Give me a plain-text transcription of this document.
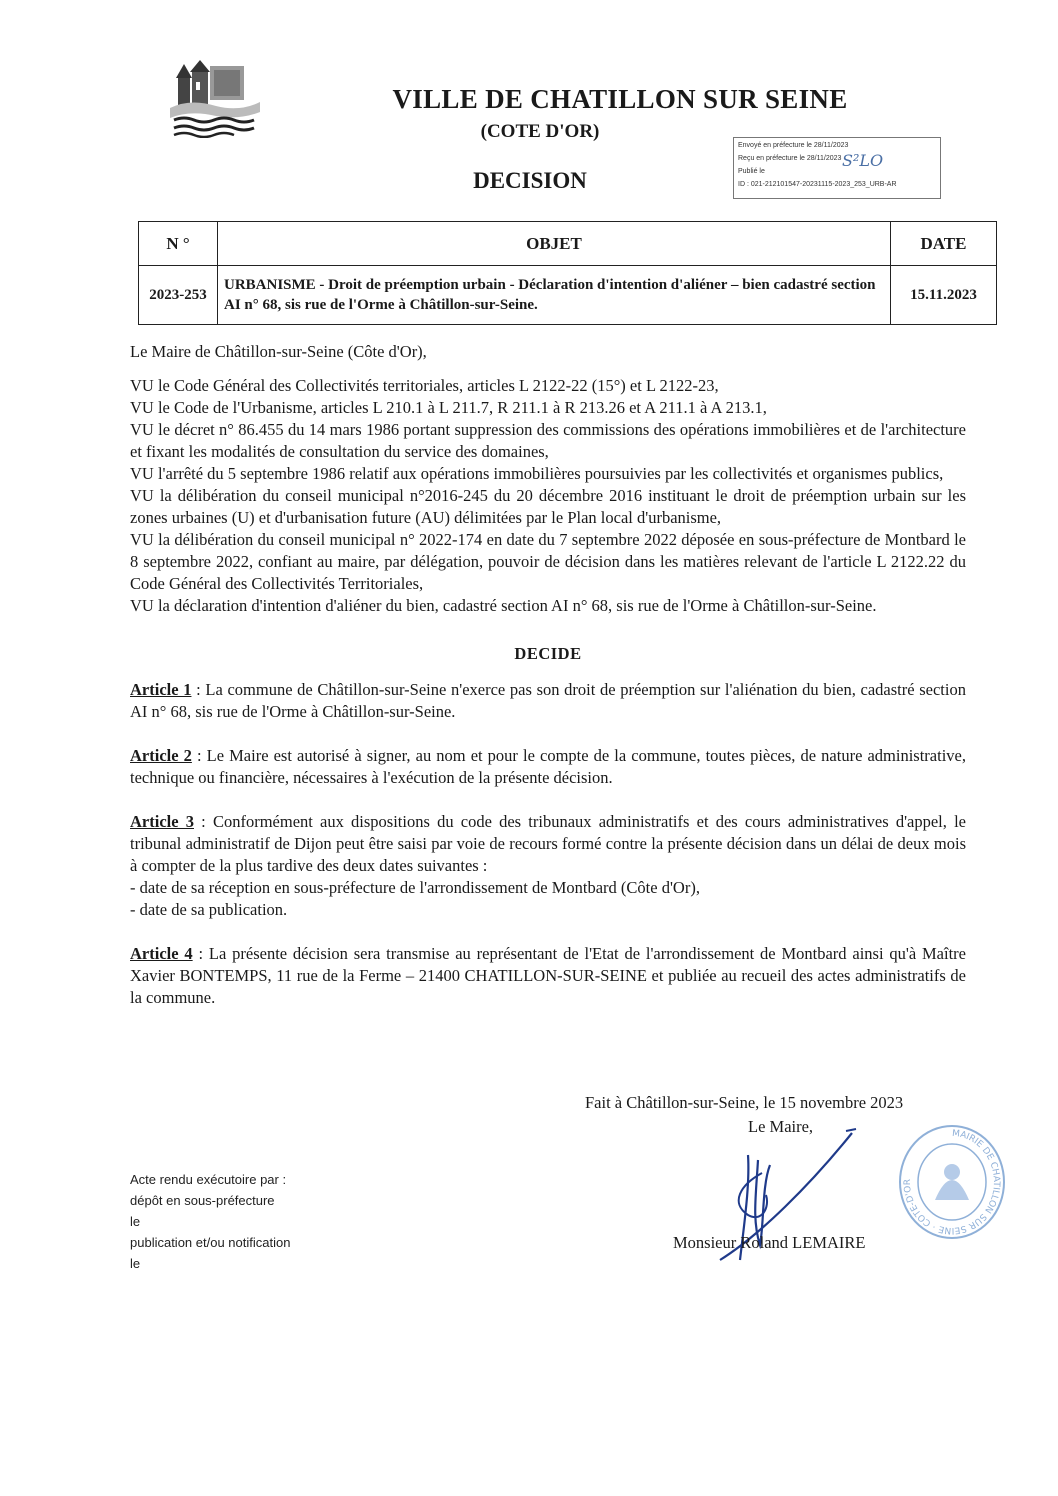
VILLE DE CHATILLON SUR SEINE
(COTE D'OR)
DECISION
Envoyé en préfecture le 28/11/2023
Reçu en préfecture le 28/11/2023
Publié le
ID : 021-212101547-20231115-2023_253_URB-AR
S²LO
N °	OBJET	DATE
2023-253	URBANISME - Droit de préemption urbain - Déclaration d'intention d'aliéner – bien cadastré section AI n° 68, sis rue de l'Orme à Châtillon-sur-Seine.	15.11.2023

Le Maire de Châtillon-sur-Seine (Côte d'Or),

VU le Code Général des Collectivités territoriales, articles L 2122-22 (15°) et L 2122-23,

VU le Code de l'Urbanisme, articles L 210.1 à L 211.7, R 211.1 à R 213.26 et A 211.1 à A 213.1,

VU le décret n° 86.455 du 14 mars 1986 portant suppression des commissions des opérations immobilières et de l'architecture et fixant les modalités de consultation du service des domaines,

VU l'arrêté du 5 septembre 1986 relatif aux opérations immobilières poursuivies par les collectivités et organismes publics,

VU la délibération du conseil municipal n°2016-245 du 20 décembre 2016 instituant le droit de préemption urbain sur les zones urbaines (U) et d'urbanisation future (AU) délimitées par le Plan local d'urbanisme,

VU la délibération du conseil municipal n° 2022-174 en date du 7 septembre 2022 déposée en sous-préfecture de Montbard le 8 septembre 2022, confiant au maire, par délégation, pouvoir de décision dans les matières relevant de l'article L 2122.22 du Code Général des Collectivités Territoriales,

VU la déclaration d'intention d'aliéner du bien, cadastré section AI n° 68, sis rue de l'Orme à Châtillon-sur-Seine.

DECIDE

Article 1 : La commune de Châtillon-sur-Seine n'exerce pas son droit de préemption sur l'aliénation du bien, cadastré section AI n° 68, sis rue de l'Orme à Châtillon-sur-Seine.

Article 2 : Le Maire est autorisé à signer, au nom et pour le compte de la commune, toutes pièces, de nature administrative, technique ou financière, nécessaires à l'exécution de la présente décision.

Article 3 : Conformément aux dispositions du code des tribunaux administratifs et des cours administratives d'appel, le tribunal administratif de Dijon peut être saisi par voie de recours formé contre la présente décision dans un délai de deux mois à compter de la plus tardive des deux dates suivantes :

- date de sa réception en sous-préfecture de l'arrondissement de Montbard (Côte d'Or),

- date de sa publication.

Article 4 : La présente décision sera transmise au représentant de l'Etat de l'arrondissement de Montbard ainsi qu'à Maître Xavier BONTEMPS, 11 rue de la Ferme – 21400 CHATILLON-SUR-SEINE et publiée au recueil des actes administratifs de la commune.

Fait à Châtillon-sur-Seine, le 15 novembre 2023
Le Maire,
Monsieur Roland LEMAIRE
MAIRIE DE CHATILLON SUR SEINE · COTE-D'OR
Acte rendu exécutoire par :
dépôt en sous-préfecture
le
publication et/ou notification
le
